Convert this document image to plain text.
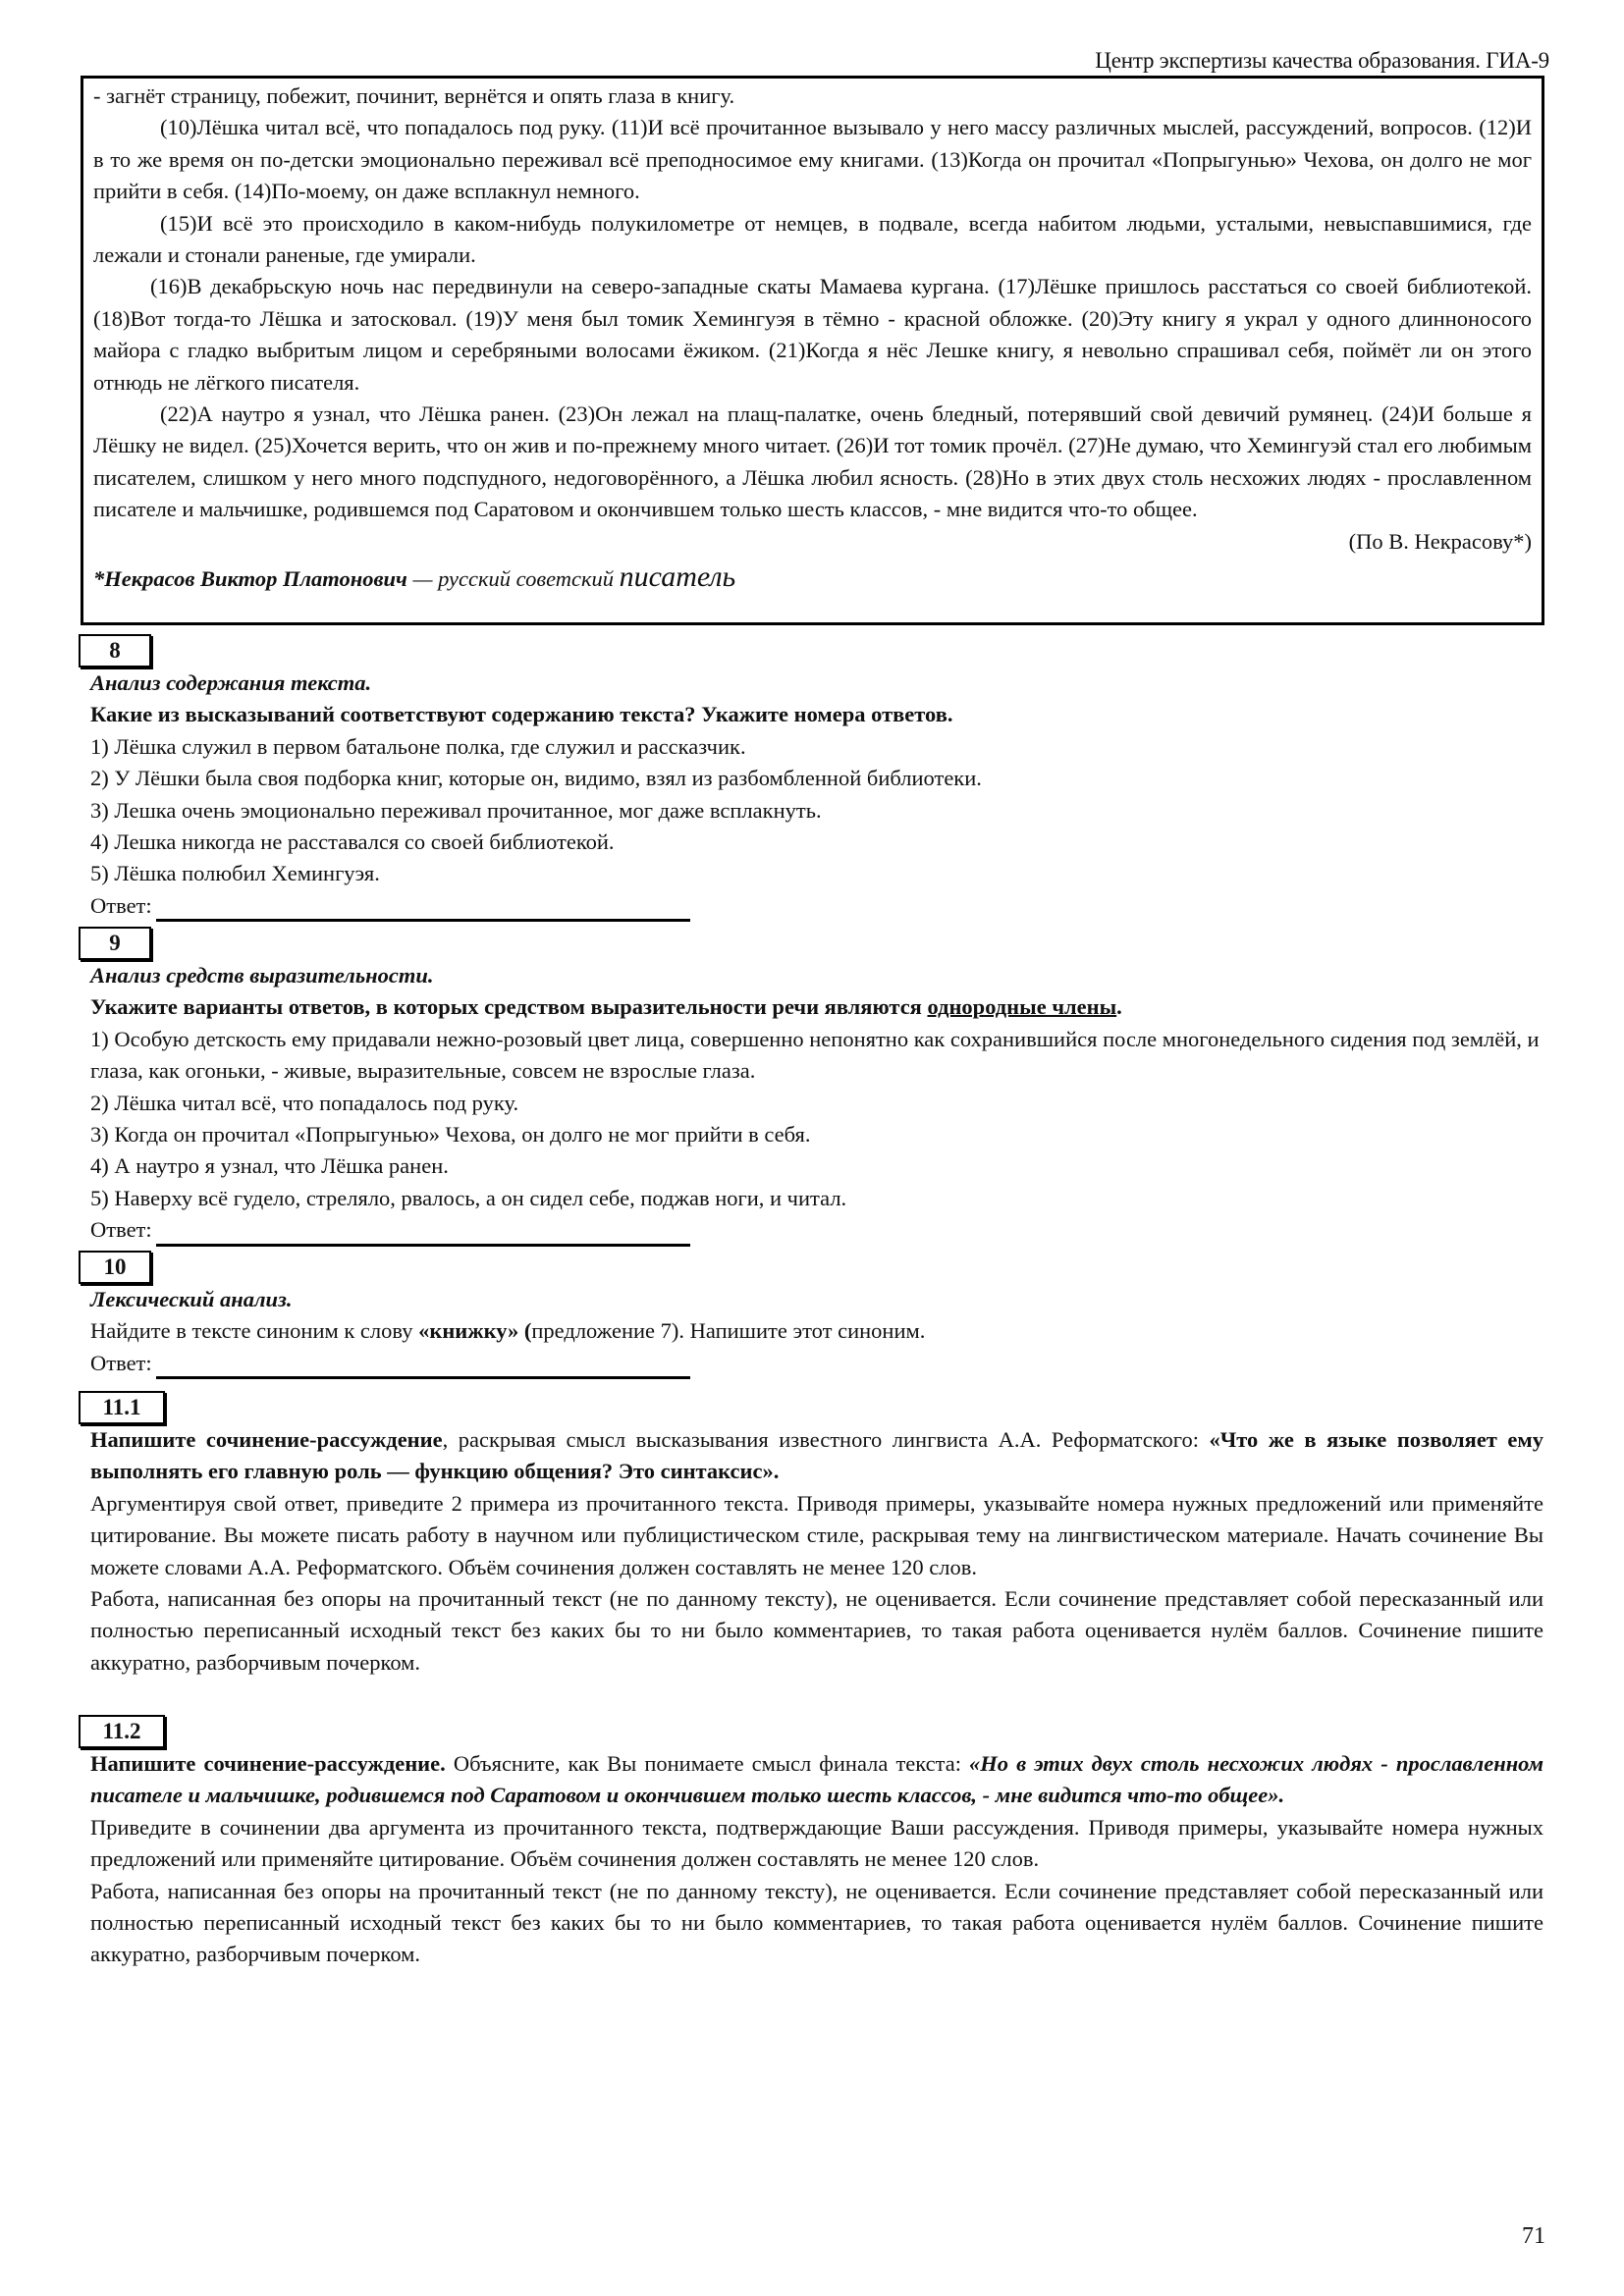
Центр экспертизы качества образования. ГИА-9

- загнёт страницу, побежит, починит, вернётся и опять глаза в книгу.

(10)Лёшка читал всё, что попадалось под руку. (11)И всё прочитанное вызывало у него массу различных мыслей, рассуждений, вопросов. (12)И в то же время он по-детски эмоционально переживал всё преподносимое ему книгами. (13)Когда он прочитал «Попрыгунью» Чехова, он долго не мог прийти в себя. (14)По-моему, он даже всплакнул немного.

(15)И всё это происходило в каком-нибудь полукилометре от немцев, в подвале, всегда набитом людьми, усталыми, невыспавшимися, где лежали и стонали раненые, где умирали.

(16)В декабрьскую ночь нас передвинули на северо-западные скаты Мамаева кургана. (17)Лёшке пришлось расстаться со своей библиотекой. (18)Вот тогда-то Лёшка и затосковал. (19)У меня был томик Хемингуэя в тёмно - красной обложке. (20)Эту книгу я украл у одного длинноносого майора с гладко выбритым лицом и серебряными волосами ёжиком. (21)Когда я нёс Лешке книгу, я невольно спрашивал себя, поймёт ли он этого отнюдь не лёгкого писателя.

(22)А наутро я узнал, что Лёшка ранен. (23)Он лежал на плащ-палатке, очень бледный, потерявший свой девичий румянец. (24)И больше я Лёшку не видел. (25)Хочется верить, что он жив и по-прежнему много читает. (26)И тот томик прочёл. (27)Не думаю, что Хемингуэй стал его любимым писателем, слишком у него много подспудного, недоговорённого, а Лёшка любил ясность. (28)Но в этих двух столь несхожих людях - прославленном писателе и мальчишке, родившемся под Саратовом и окончившем только шесть классов, - мне видится что-то общее.

(По В. Некрасову*)

*Некрасов Виктор Платонович — русский советский писатель

8

Анализ содержания текста.

Какие из высказываний соответствуют содержанию текста? Укажите номера ответов.

1) Лёшка служил в первом батальоне полка, где служил и рассказчик.

2) У Лёшки была своя подборка книг, которые он, видимо, взял из разбомбленной библиотеки.

3) Лешка очень эмоционально переживал прочитанное, мог даже всплакнуть.

4) Лешка никогда не расставался со своей библиотекой.

5) Лёшка полюбил Хемингуэя.

Ответ:
9

Анализ средств выразительности.

Укажите варианты ответов, в которых средством выразительности речи являются однородные члены.

1) Особую детскость ему придавали нежно-розовый цвет лица, совершенно непонятно как сохранившийся после многонедельного сидения под землёй, и глаза, как огоньки, - живые, выразительные, совсем не взрослые глаза.

2) Лёшка читал всё, что попадалось под руку.

3) Когда он прочитал «Попрыгунью» Чехова, он долго не мог прийти в себя.

4) А наутро я узнал, что Лёшка ранен.

5) Наверху всё гудело, стреляло, рвалось, а он сидел себе, поджав ноги, и читал.

Ответ:
10

Лексический анализ.

Найдите в тексте синоним к слову «книжку» (предложение 7). Напишите этот синоним.

Ответ:
11.1

Напишите сочинение-рассуждение, раскрывая смысл высказывания известного лингвиста А.А. Реформатского: «Что же в языке позволяет ему выполнять его главную роль — функцию общения? Это синтаксис».

Аргументируя свой ответ, приведите 2 примера из прочитанного текста. Приводя примеры, указывайте номера нужных предложений или применяйте цитирование. Вы можете писать работу в научном или публицистическом стиле, раскрывая тему на лингвистическом материале. Начать сочинение Вы можете словами А.А. Реформатского. Объём сочинения должен составлять не менее 120 слов.

Работа, написанная без опоры на прочитанный текст (не по данному тексту), не оценивается. Если сочинение представляет собой пересказанный или полностью переписанный исходный текст без каких бы то ни было комментариев, то такая работа оценивается нулём баллов. Сочинение пишите аккуратно, разборчивым почерком.

11.2

Напишите сочинение-рассуждение. Объясните, как Вы понимаете смысл финала текста: «Но в этих двух столь несхожих людях - прославленном писателе и мальчишке, родившемся под Саратовом и окончившем только шесть классов, - мне видится что-то общее».

Приведите в сочинении два аргумента из прочитанного текста, подтверждающие Ваши рассуждения. Приводя примеры, указывайте номера нужных предложений или применяйте цитирование. Объём сочинения должен составлять не менее 120 слов.

Работа, написанная без опоры на прочитанный текст (не по данному тексту), не оценивается. Если сочинение представляет собой пересказанный или полностью переписанный исходный текст без каких бы то ни было комментариев, то такая работа оценивается нулём баллов. Сочинение пишите аккуратно, разборчивым почерком.

71
